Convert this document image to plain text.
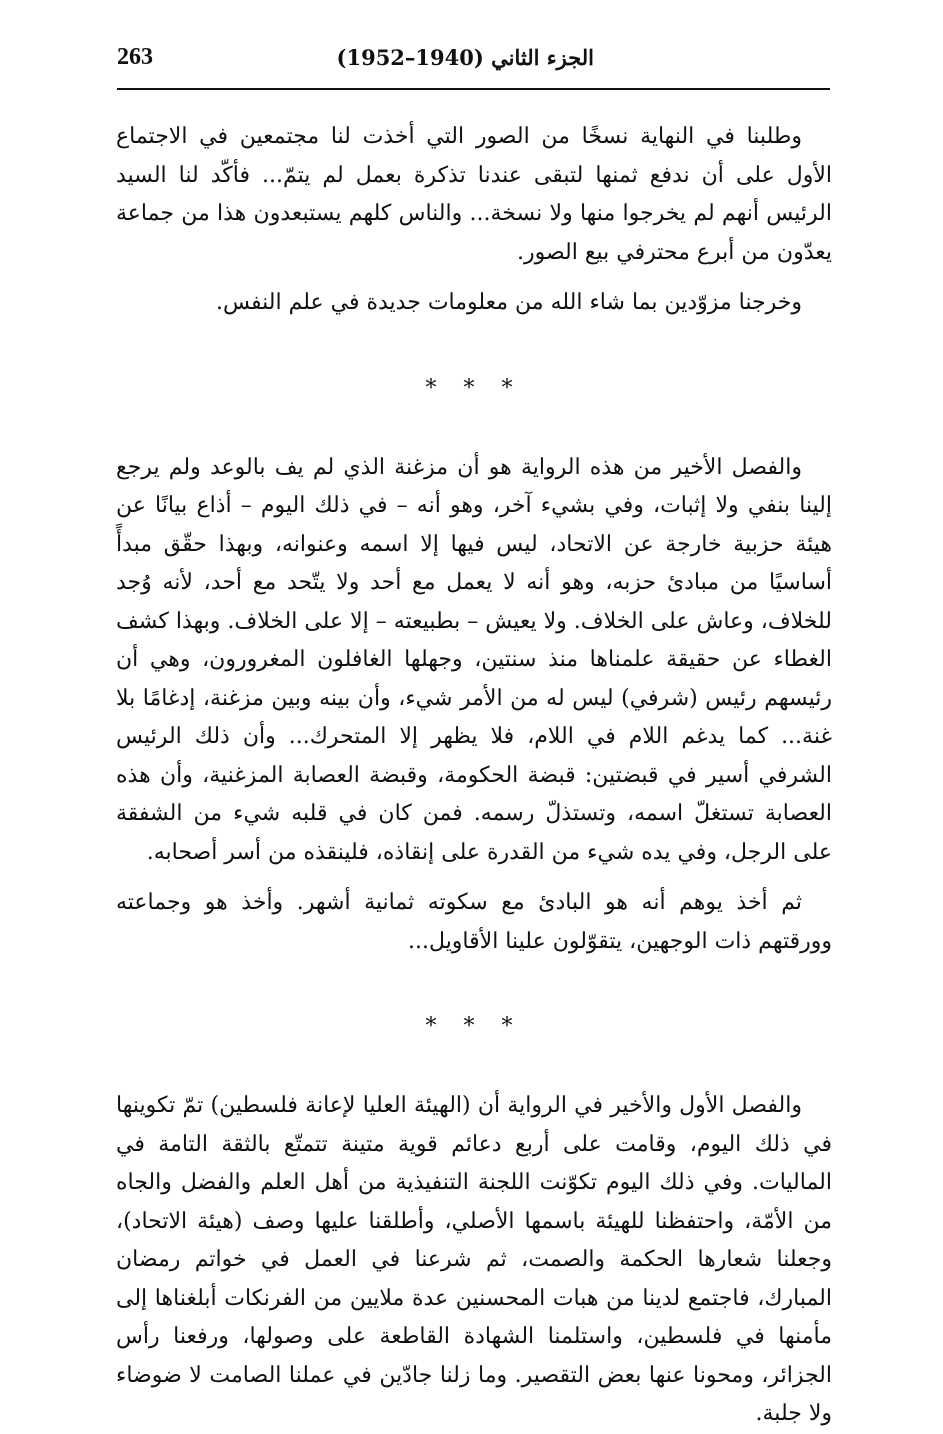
263	الجزء الثاني (1940–1952)

وطلبنا في النهاية نسخًا من الصور التي أخذت لنا مجتمعين في الاجتماع الأول على أن ندفع ثمنها لتبقى عندنا تذكرة بعمل لم يتمّ... فأكّد لنا السيد الرئيس أنهم لم يخرجوا منها ولا نسخة... والناس كلهم يستبعدون هذا من جماعة يعدّون من أبرع محترفي بيع الصور.

وخرجنا مزوّدين بما شاء الله من معلومات جديدة في علم النفس.

* * *

والفصل الأخير من هذه الرواية هو أن مزغنة الذي لم يف بالوعد ولم يرجع إلينا بنفي ولا إثبات، وفي بشيء آخر، وهو أنه – في ذلك اليوم – أذاع بيانًا عن هيئة حزبية خارجة عن الاتحاد، ليس فيها إلا اسمه وعنوانه، وبهذا حقّق مبدأً أساسيًا من مبادئ حزبه، وهو أنه لا يعمل مع أحد ولا يتّحد مع أحد، لأنه وُجد للخلاف، وعاش على الخلاف. ولا يعيش – بطبيعته – إلا على الخلاف. وبهذا كشف الغطاء عن حقيقة علمناها منذ سنتين، وجهلها الغافلون المغرورون، وهي أن رئيسهم رئيس (شرفي) ليس له من الأمر شيء، وأن بينه وبين مزغنة، إدغامًا بلا غنة... كما يدغم اللام في اللام، فلا يظهر إلا المتحرك... وأن ذلك الرئيس الشرفي أسير في قبضتين: قبضة الحكومة، وقبضة العصابة المزغنية، وأن هذه العصابة تستغلّ اسمه، وتستذلّ رسمه. فمن كان في قلبه شيء من الشفقة على الرجل، وفي يده شيء من القدرة على إنقاذه، فلينقذه من أسر أصحابه.

ثم أخذ يوهم أنه هو البادئ مع سكوته ثمانية أشهر. وأخذ هو وجماعته وورقتهم ذات الوجهين، يتقوّلون علينا الأقاويل...

* * *

والفصل الأول والأخير في الرواية أن (الهيئة العليا لإعانة فلسطين) تمّ تكوينها في ذلك اليوم، وقامت على أربع دعائم قوية متينة تتمتّع بالثقة التامة في الماليات. وفي ذلك اليوم تكوّنت اللجنة التنفيذية من أهل العلم والفضل والجاه من الأمّة، واحتفظنا للهيئة باسمها الأصلي، وأطلقنا عليها وصف (هيئة الاتحاد)، وجعلنا شعارها الحكمة والصمت، ثم شرعنا في العمل في خواتم رمضان المبارك، فاجتمع لدينا من هبات المحسنين عدة ملايين من الفرنكات أبلغناها إلى مأمنها في فلسطين، واستلمنا الشهادة القاطعة على وصولها، ورفعنا رأس الجزائر، ومحونا عنها بعض التقصير. وما زلنا جادّين في عملنا الصامت لا ضوضاء ولا جلبة.
